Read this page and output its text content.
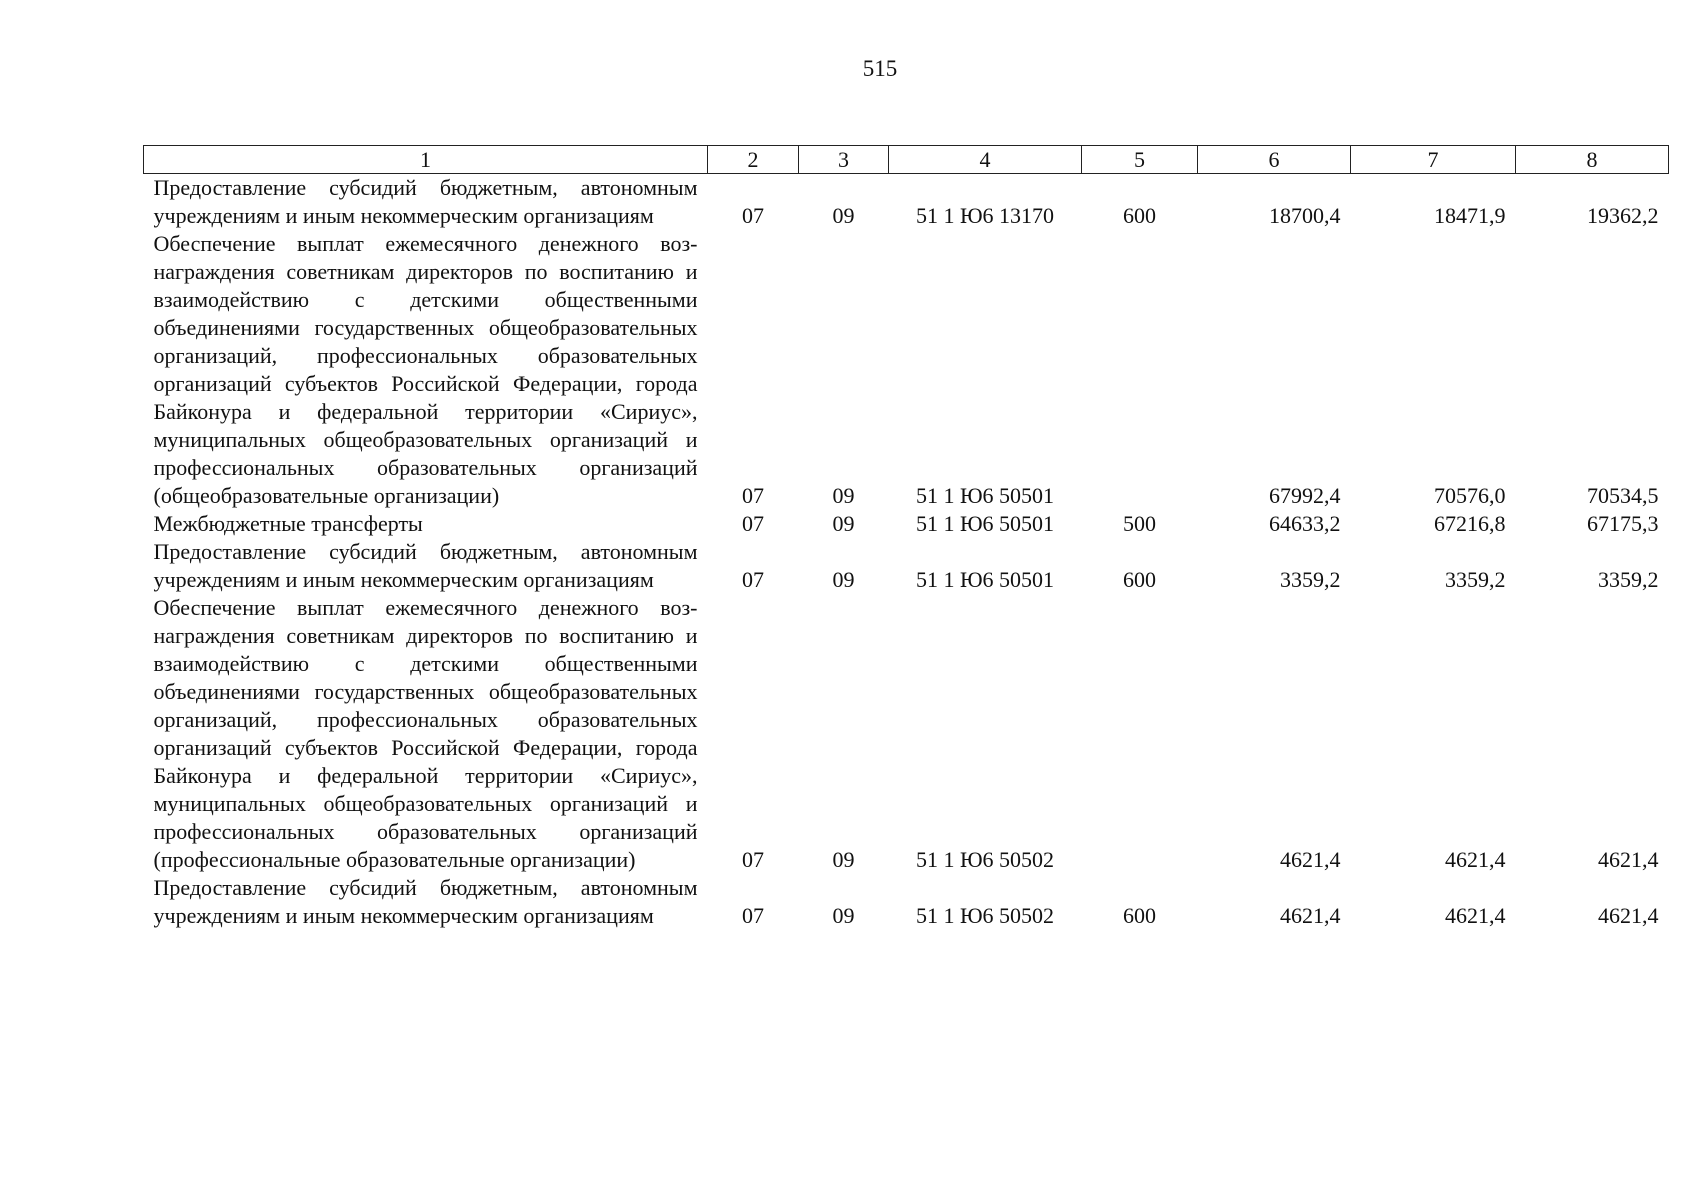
515
1	2	3	4	5	6	7	8
Предоставление субсидий бюджетным, автономным учреждениям и иным некоммерческим организациям	07	09	51 1 Ю6 13170	600	18700,4	18471,9	19362,2
Обеспечение выплат ежемесячного денежного вознаграждения советникам директоров по воспитанию и взаимодействию с детскими общественными объединениями государственных общеобразовательных организаций, профессиональных образовательных организаций субъектов Российской Федерации, города Байконура и федеральной территории «Сириус», муниципальных общеобразовательных организаций и профессиональных образовательных организаций (общеобразовательные организации)	07	09	51 1 Ю6 50501		67992,4	70576,0	70534,5
Межбюджетные трансферты	07	09	51 1 Ю6 50501	500	64633,2	67216,8	67175,3
Предоставление субсидий бюджетным, автономным учреждениям и иным некоммерческим организациям	07	09	51 1 Ю6 50501	600	3359,2	3359,2	3359,2
Обеспечение выплат ежемесячного денежного вознаграждения советникам директоров по воспитанию и взаимодействию с детскими общественными объединениями государственных общеобразовательных организаций, профессиональных образовательных организаций субъектов Российской Федерации, города Байконура и федеральной территории «Сириус», муниципальных общеобразовательных организаций и профессиональных образовательных организаций (профессиональные образовательные организации)	07	09	51 1 Ю6 50502		4621,4	4621,4	4621,4
Предоставление субсидий бюджетным, автономным учреждениям и иным некоммерческим организациям	07	09	51 1 Ю6 50502	600	4621,4	4621,4	4621,4
